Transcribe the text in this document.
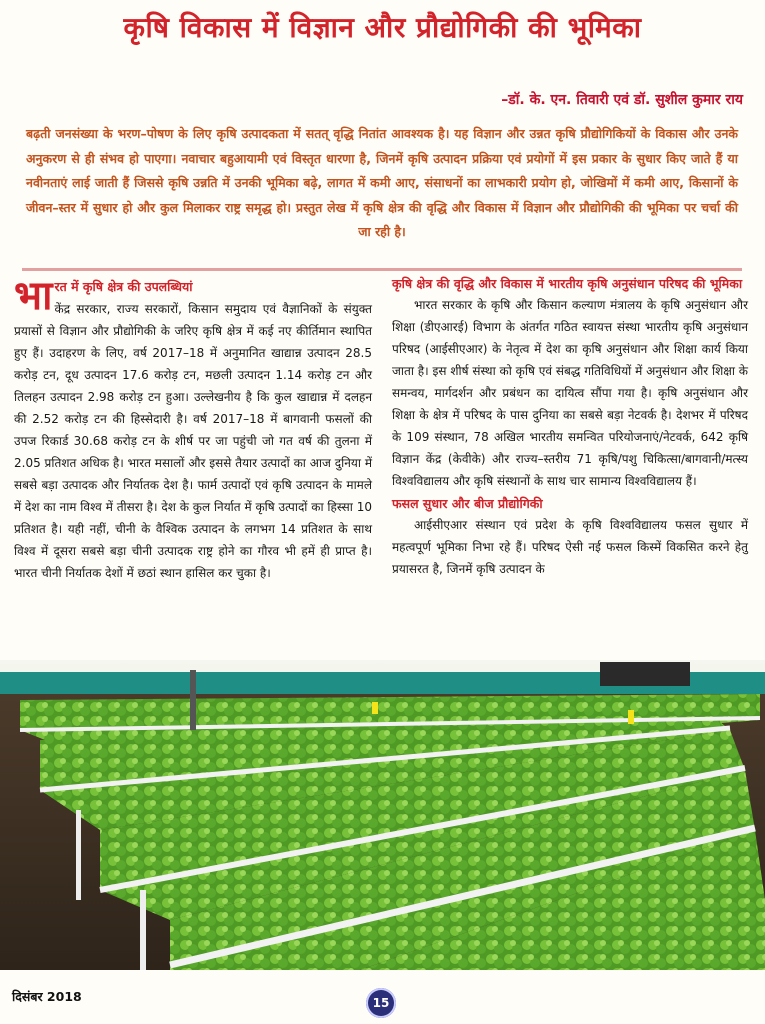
कृषि विकास में विज्ञान और प्रौद्योगिकी की भूमिका
–डॉ. के. एन. तिवारी एवं डॉ. सुशील कुमार राय
बढ़ती जनसंख्या के भरण–पोषण के लिए कृषि उत्पादकता में सतत् वृद्धि नितांत आवश्यक है। यह विज्ञान और उन्नत कृषि प्रौद्योगिकियों के विकास और उनके अनुकरण से ही संभव हो पाएगा। नवाचार बहुआयामी एवं विस्तृत धारणा है, जिनमें कृषि उत्पादन प्रक्रिया एवं प्रयोगों में इस प्रकार के सुधार किए जाते हैं या नवीनताएं लाई जाती हैं जिससे कृषि उन्नति में उनकी भूमिका बढ़े, लागत में कमी आए, संसाधनों का लाभकारी प्रयोग हो, जोखिमों में कमी आए, किसानों के जीवन–स्तर में सुधार हो और कुल मिलाकर राष्ट्र समृद्ध हो। प्रस्तुत लेख में कृषि क्षेत्र की वृद्धि और विकास में विज्ञान और प्रौद्योगिकी की भूमिका पर चर्चा की जा रही है।
भा रत में कृषि क्षेत्र की उपलब्धियां
केंद्र सरकार, राज्य सरकारों, किसान समुदाय एवं वैज्ञानिकों के संयुक्त प्रयासों से विज्ञान और प्रौद्योगिकी के जरिए कृषि क्षेत्र में कई नए कीर्तिमान स्थापित हुए हैं। उदाहरण के लिए, वर्ष 2017–18 में अनुमानित खाद्यान्न उत्पादन 28.5 करोड़ टन, दूध उत्पादन 17.6 करोड़ टन, मछली उत्पादन 1.14 करोड़ टन और तिलहन उत्पादन 2.98 करोड़ टन हुआ। उल्लेखनीय है कि कुल खाद्यान्न में दलहन की 2.52 करोड़ टन की हिस्सेदारी है। वर्ष 2017–18 में बागवानी फसलों की उपज रिकार्ड 30.68 करोड़ टन के शीर्ष पर जा पहुंची जो गत वर्ष की तुलना में 2.05 प्रतिशत अधिक है। भारत मसालों और इससे तैयार उत्पादों का आज दुनिया में सबसे बड़ा उत्पादक और निर्यातक देश है। फार्म उत्पादों एवं कृषि उत्पादन के मामले में देश का नाम विश्व में तीसरा है। देश के कुल निर्यात में कृषि उत्पादों का हिस्सा 10 प्रतिशत है। यही नहीं, चीनी के वैश्विक उत्पादन के लगभग 14 प्रतिशत के साथ विश्व में दूसरा सबसे बड़ा चीनी उत्पादक राष्ट्र होने का गौरव भी हमें ही प्राप्त है। भारत चीनी निर्यातक देशों में छठां स्थान हासिल कर चुका है।
कृषि क्षेत्र की वृद्धि और विकास में भारतीय कृषि अनुसंधान परिषद की भूमिका

भारत सरकार के कृषि और किसान कल्याण मंत्रालय के कृषि अनुसंधान और शिक्षा (डीएआरई) विभाग के अंतर्गत गठित स्वायत्त संस्था भारतीय कृषि अनुसंधान परिषद (आईसीएआर) के नेतृत्व में देश का कृषि अनुसंधान और शिक्षा कार्य किया जाता है। इस शीर्ष संस्था को कृषि एवं संबद्ध गतिविधियों में अनुसंधान और शिक्षा के समन्वय, मार्गदर्शन और प्रबंधन का दायित्व सौंपा गया है। कृषि अनुसंधान और शिक्षा के क्षेत्र में परिषद के पास दुनिया का सबसे बड़ा नेटवर्क है। देशभर में परिषद के 109 संस्थान, 78 अखिल भारतीय समन्वित परियोजनाएं/नेटवर्क, 642 कृषि विज्ञान केंद्र (केवीके) और राज्य–स्तरीय 71 कृषि/पशु चिकित्सा/बागवानी/मत्स्य विश्वविद्यालय और कृषि संस्थानों के साथ चार सामान्य विश्वविद्यालय हैं।

फसल सुधार और बीज प्रौद्योगिकी

आईसीएआर संस्थान एवं प्रदेश के कृषि विश्वविद्यालय फसल सुधार में महत्वपूर्ण भूमिका निभा रहे हैं। परिषद ऐसी नई फसल किस्में विकसित करने हेतु प्रयासरत है, जिनमें कृषि उत्पादन के

दिसंबर 2018	15
